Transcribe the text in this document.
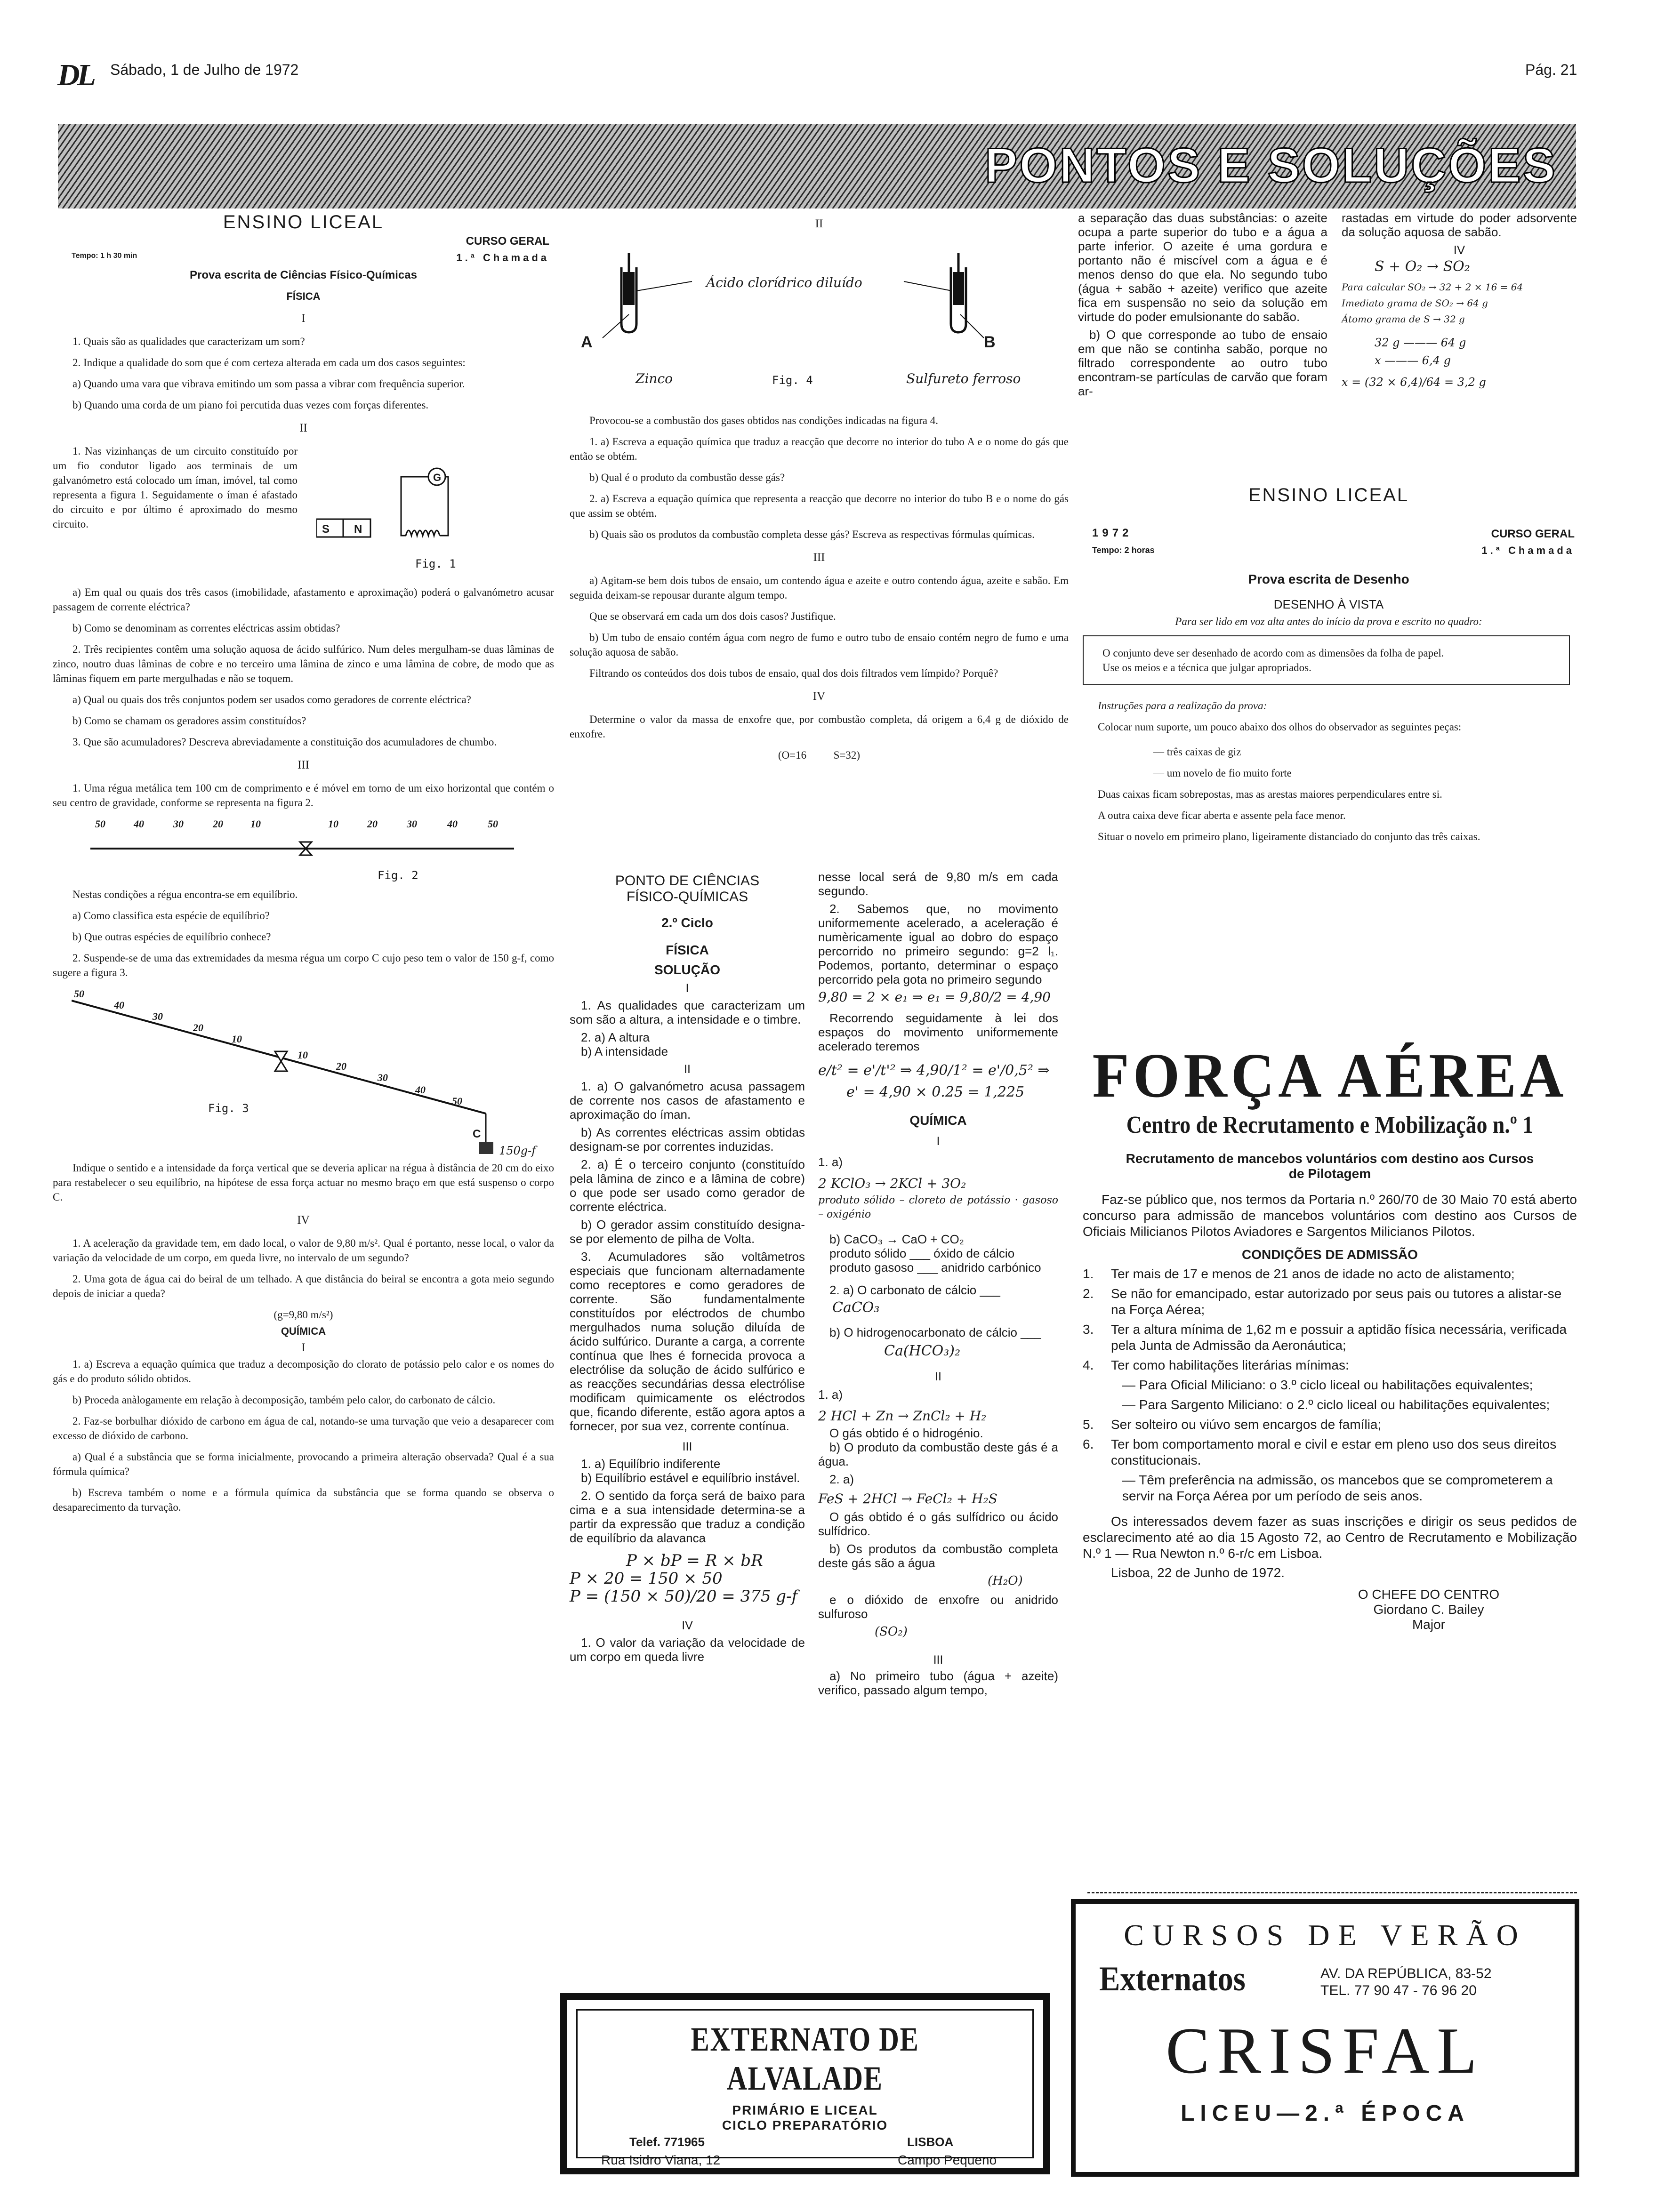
DL Sábado, 1 de Julho de 1972	Pág. 21
PONTOS E SOLUÇÕES
ENSINO LICEAL
CURSO GERAL
Tempo: 1 h 30 min	1.ª Chamada
Prova escrita de Ciências Físico-Químicas
FÍSICA
I

1. Quais são as qualidades que caracterizam um som?

2. Indique a qualidade do som que é com certeza alterada em cada um dos casos seguintes:

a) Quando uma vara que vibrava emitindo um som passa a vibrar com frequência superior.

b) Quando uma corda de um piano foi percutida duas vezes com forças diferentes.

II

1. Nas vizinhanças de um circuito constituído por um fio condutor ligado aos terminais de um galvanómetro está colocado um íman, imóvel, tal como representa a figura 1. Seguidamente o íman é afastado do circuito e por último é aproximado do mesmo circuito.	S N
G
Fig. 1

a) Em qual ou quais dos três casos (imobilidade, afastamento e aproximação) poderá o galvanómetro acusar passagem de corrente eléctrica?

b) Como se denominam as correntes eléctricas assim obtidas?

2. Três recipientes contêm uma solução aquosa de ácido sulfúrico. Num deles mergulham-se duas lâminas de zinco, noutro duas lâminas de cobre e no terceiro uma lâmina de zinco e uma lâmina de cobre, de modo que as lâminas fiquem em parte mergulhadas e não se toquem.

a) Qual ou quais dos três conjuntos podem ser usados como geradores de corrente eléctrica?

b) Como se chamam os geradores assim constituídos?

3. Que são acumuladores? Descreva abreviadamente a constituição dos acumuladores de chumbo.

III

1. Uma régua metálica tem 100 cm de comprimento e é móvel em torno de um eixo horizontal que contém o seu centro de gravidade, conforme se representa na figura 2.

50	40	30	20	10	10	20	30	40	50
Fig. 2

Nestas condições a régua encontra-se em equilíbrio.

a) Como classifica esta espécie de equilíbrio?

b) Que outras espécies de equilíbrio conhece?

2. Suspende-se de uma das extremidades da mesma régua um corpo C cujo peso tem o valor de 150 g-f, como sugere a figura 3.

50
40
30
20
10
10
20
30
40
50
Fig. 3
C
150g-f

Indique o sentido e a intensidade da força vertical que se deveria aplicar na régua à distância de 20 cm do eixo para restabelecer o seu equilíbrio, na hipótese de essa força actuar no mesmo braço em que está suspenso o corpo C.

IV

1. A aceleração da gravidade tem, em dado local, o valor de 9,80 m/s². Qual é portanto, nesse local, o valor da variação da velocidade de um corpo, em queda livre, no intervalo de um segundo?

2. Uma gota de água cai do beiral de um telhado. A que distância do beiral se encontra a gota meio segundo depois de iniciar a queda?

(g=9,80 m/s²)
QUÍMICA
I

1. a) Escreva a equação química que traduz a decomposição do clorato de potássio pelo calor e os nomes do gás e do produto sólido obtidos.

b) Proceda anàlogamente em relação à decomposição, também pelo calor, do carbonato de cálcio.

2. Faz-se borbulhar dióxido de carbono em água de cal, notando-se uma turvação que veio a desaparecer com excesso de dióxido de carbono.

a) Qual é a substância que se forma inicialmente, provocando a primeira alteração observada? Qual é a sua fórmula química?

b) Escreva também o nome e a fórmula química da substância que se forma quando se observa o desaparecimento da turvação.

II
A	B
Ácido clorídrico diluído
Zinco	Fig. 4	Sulfureto ferroso

Provocou-se a combustão dos gases obtidos nas condições indicadas na figura 4.

1. a) Escreva a equação química que traduz a reacção que decorre no interior do tubo A e o nome do gás que então se obtém.

b) Qual é o produto da combustão desse gás?

2. a) Escreva a equação química que representa a reacção que decorre no interior do tubo B e o nome do gás que assim se obtém.

b) Quais são os produtos da combustão completa desse gás? Escreva as respectivas fórmulas químicas.

III

a) Agitam-se bem dois tubos de ensaio, um contendo água e azeite e outro contendo água, azeite e sabão. Em seguida deixam-se repousar durante algum tempo.

Que se observará em cada um dos dois casos? Justifique.

b) Um tubo de ensaio contém água com negro de fumo e outro tubo de ensaio contém negro de fumo e uma solução aquosa de sabão.

Filtrando os conteúdos dos dois tubos de ensaio, qual dos dois filtrados vem límpido? Porquê?

IV

Determine o valor da massa de enxofre que, por combustão completa, dá origem a 6,4 g de dióxido de enxofre.

(O=16          S=32)
PONTO DE CIÊNCIAS
FÍSICO-QUÍMICAS
2.º Ciclo
FÍSICA
SOLUÇÃO
I

1. As qualidades que caracterizam um som são a altura, a intensidade e o timbre.

2. a) A altura

b) A intensidade

II

1. a) O galvanómetro acusa passagem de corrente nos casos de afastamento e aproximação do íman.

b) As correntes eléctricas assim obtidas designam-se por correntes induzidas.

2. a) É o terceiro conjunto (constituído pela lâmina de zinco e a lâmina de cobre) o que pode ser usado como gerador de corrente eléctrica.

b) O gerador assim constituído designa-se por elemento de pilha de Volta.

3. Acumuladores são voltâmetros especiais que funcionam alternadamente como receptores e como geradores de corrente. São fundamentalmente constituídos por eléctrodos de chumbo mergulhados numa solução diluída de ácido sulfúrico. Durante a carga, a corrente contínua que lhes é fornecida provoca a electrólise da solução de ácido sulfúrico e as reacções secundárias dessa electrólise modificam quimicamente os eléctrodos que, ficando diferente, estão agora aptos a fornecer, por sua vez, corrente contínua.

III

1. a) Equilíbrio indiferente

b) Equilíbrio estável e equilíbrio instável.

2. O sentido da força será de baixo para cima e a sua intensidade determina-se a partir da expressão que traduz a condição de equilíbrio da alavanca

P × bP = R × bR
P × 20 = 150 × 50
P = (150 × 50)/20 = 375 g-f
IV

1. O valor da variação da velocidade de um corpo em queda livre

nesse local será de 9,80 m/s em cada segundo.

2. Sabemos que, no movimento uniformemente acelerado, a aceleração é numèricamente igual ao dobro do espaço percorrido no primeiro segundo: g=2 l₁. Podemos, portanto, determinar o espaço percorrido pela gota no primeiro segundo

9,80 = 2 × e₁ ⇒ e₁ = 9,80/2 = 4,90

Recorrendo seguidamente à lei dos espaços do movimento uniformemente acelerado teremos

e/t² = e'/t'² ⇒ 4,90/1² = e'/0,5² ⇒
e' = 4,90 × 0.25 = 1,225
QUÍMICA
I

1. a)

2 KClO₃ → 2KCl + 3O₂
produto sólido – cloreto de potássio · gasoso – oxigénio

b) CaCO₃ → CaO + CO₂

produto sólido ___ óxido de cálcio

produto gasoso ___ anidrido carbónico

2. a) O carbonato de cálcio ___

CaCO₃

b) O hidrogenocarbonato de cálcio ___

Ca(HCO₃)₂
II

1. a)

2 HCl + Zn → ZnCl₂ + H₂

O gás obtido é o hidrogénio.

b) O produto da combustão deste gás é a água.

2. a)

FeS + 2HCl → FeCl₂ + H₂S

O gás obtido é o gás sulfídrico ou ácido sulfídrico.

b) Os produtos da combustão completa deste gás são a água

(H₂O)

e o dióxido de enxofre ou anidrido sulfuroso

(SO₂)
III

a) No primeiro tubo (água + azeite) verifico, passado algum tempo,

a separação das duas substâncias: o azeite ocupa a parte superior do tubo e a água a parte inferior. O azeite é uma gordura e portanto não é miscível com a água e é menos denso do que ela. No segundo tubo (água + sabão + azeite) verifico que azeite fica em suspensão no seio da solução em virtude do poder emulsionante do sabão.

b) O que corresponde ao tubo de ensaio em que não se continha sabão, porque no filtrado correspondente ao outro tubo encontram-se partículas de carvão que foram ar-

rastadas em virtude do poder adsorvente da solução aquosa de sabão.

IV
S + O₂ → SO₂
Para calcular SO₂ → 32 + 2 × 16 = 64
Imediato grama de SO₂ → 64 g
Átomo grama de S → 32 g
32 g ——— 64 g
x ——— 6,4 g
x = (32 × 6,4)/64 = 3,2 g
ENSINO LICEAL
1972	CURSO GERAL
Tempo: 2 horas	1.ª Chamada
Prova escrita de Desenho
DESENHO À VISTA
Para ser lido em voz alta antes do início da prova e escrito no quadro:

O conjunto deve ser desenhado de acordo com as dimensões da folha de papel.

Use os meios e a técnica que julgar apropriados.

Instruções para a realização da prova:

Colocar num suporte, um pouco abaixo dos olhos do observador as seguintes peças:

— três caixas de giz

— um novelo de fio muito forte

Duas caixas ficam sobrepostas, mas as arestas maiores perpendiculares entre si.

A outra caixa deve ficar aberta e assente pela face menor.

Situar o novelo em primeiro plano, ligeiramente distanciado do conjunto das três caixas.

FORÇA AÉREA
Centro de Recrutamento e Mobilização n.º 1
Recrutamento de mancebos voluntários com destino aos Cursos de Pilotagem
Faz-se público que, nos termos da Portaria n.º 260/70 de 30 Maio 70 está aberto concurso para admissão de mancebos voluntários com destino aos Cursos de Oficiais Milicianos Pilotos Aviadores e Sargentos Milicianos Pilotos.
CONDIÇÕES DE ADMISSÃO
1.	Ter mais de 17 e menos de 21 anos de idade no acto de alistamento;
2.	Se não for emancipado, estar autorizado por seus pais ou tutores a alistar-se na Força Aérea;
3.	Ter a altura mínima de 1,62 m e possuir a aptidão física necessária, verificada pela Junta de Admissão da Aeronáutica;
4.	Ter como habilitações literárias mínimas:
— Para Oficial Miliciano: o 3.º ciclo liceal ou habilitações equivalentes;
— Para Sargento Miliciano: o 2.º ciclo liceal ou habilitações equivalentes;
5.	Ser solteiro ou viúvo sem encargos de família;
6.	Ter bom comportamento moral e civil e estar em pleno uso dos seus direitos constitucionais.
— Têm preferência na admissão, os mancebos que se comprometerem a servir na Força Aérea por um período de seis anos.
Os interessados devem fazer as suas inscrições e dirigir os seus pedidos de esclarecimento até ao dia 15 Agosto 72, ao Centro de Recrutamento e Mobilização N.º 1 — Rua Newton n.º 6-r/c em Lisboa.
Lisboa, 22 de Junho de 1972.
O CHEFE DO CENTRO
Giordano C. Bailey
Major
EXTERNATO DE ALVALADE
PRIMÁRIO E LICEAL
CICLO PREPARATÓRIO
Telef. 771965	LISBOA
Rua Isidro Viana, 12	Campo Pequeno
CURSOS DE VERÃO
Externatos	AV. DA REPÚBLICA, 83-52
TEL. 77 90 47 - 76 96 20
CRISFAL
LICEU—2.ª ÉPOCA
